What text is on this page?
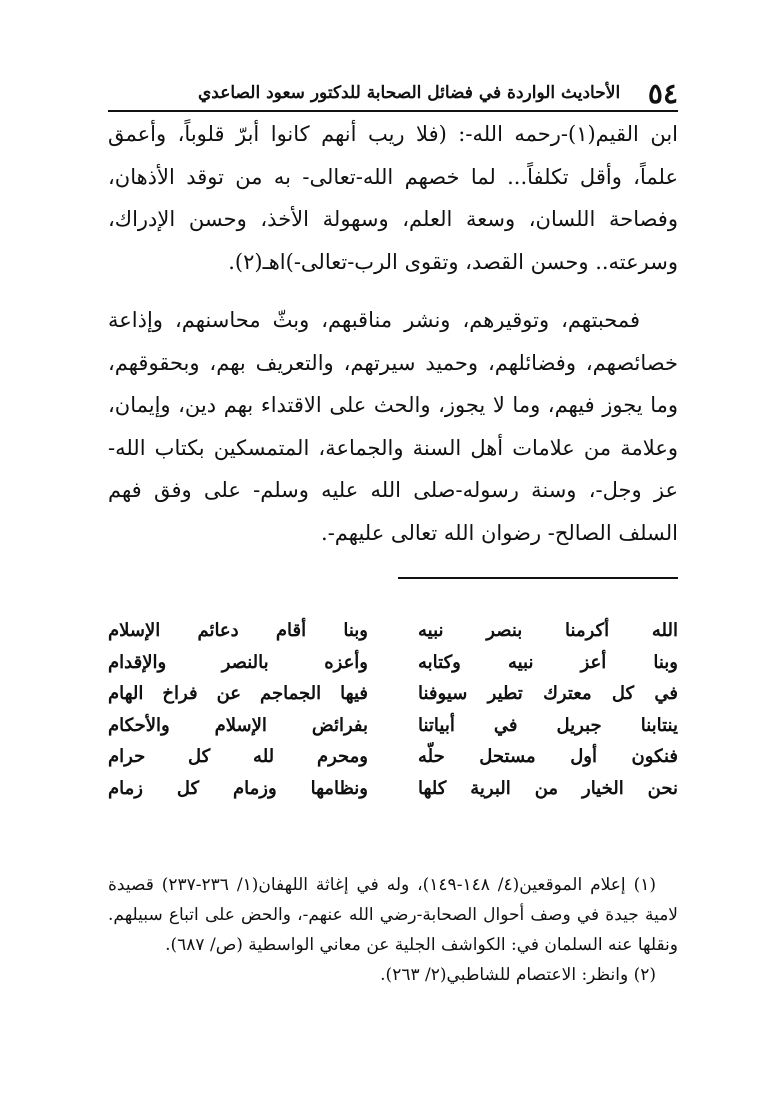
الأحاديث الواردة في فضائل الصحابة للدكتور سعود الصاعدي ٥٤

ابن القيم(١)-رحمه الله-: (فلا ريب أنهم كانوا أبرّ قلوباً، وأعمق علماً، وأقل تكلفاً... لما خصهم الله-تعالى- به من توقد الأذهان، وفصاحة اللسان، وسعة العلم، وسهولة الأخذ، وحسن الإدراك، وسرعته.. وحسن القصد، وتقوى الرب-تعالى-)اهـ(٢).

فمحبتهم، وتوقيرهم، ونشر مناقبهم، وبثّ محاسنهم، وإذاعة خصائصهم، وفضائلهم، وحميد سيرتهم، والتعريف بهم، وبحقوقهم، وما يجوز فيهم، وما لا يجوز، والحث على الاقتداء بهم دين، وإيمان، وعلامة من علامات أهل السنة والجماعة، المتمسكين بكتاب الله-عز وجل-، وسنة رسوله-صلى الله عليه وسلم- على وفق فهم السلف الصالح- رضوان الله تعالى عليهم-.

الله أكرمنا بنصر نبيه
وبنا أقام دعائم الإسلام
وبنا أعز نبيه وكتابه
وأعزه بالنصر والإقدام
في كل معترك تطير سيوفنا
فيها الجماجم عن فراخ الهام
ينتابنا جبريل في أبياتنا
بفرائض الإسلام والأحكام
فنكون أول مستحل حلّه
ومحرم لله كل حرام
نحن الخيار من البرية كلها
ونظامها وزمام كل زمام

(١) إعلام الموقعين(٤/ ١٤٨-١٤٩)، وله في إغاثة اللهفان(١/ ٢٣٦-٢٣٧) قصيدة لامية جيدة في وصف أحوال الصحابة-رضي الله عنهم-، والحض على اتباع سبيلهم. ونقلها عنه السلمان في: الكواشف الجلية عن معاني الواسطية (ص/ ٦٨٧).

(٢) وانظر: الاعتصام للشاطبي(٢/ ٢٦٣).
